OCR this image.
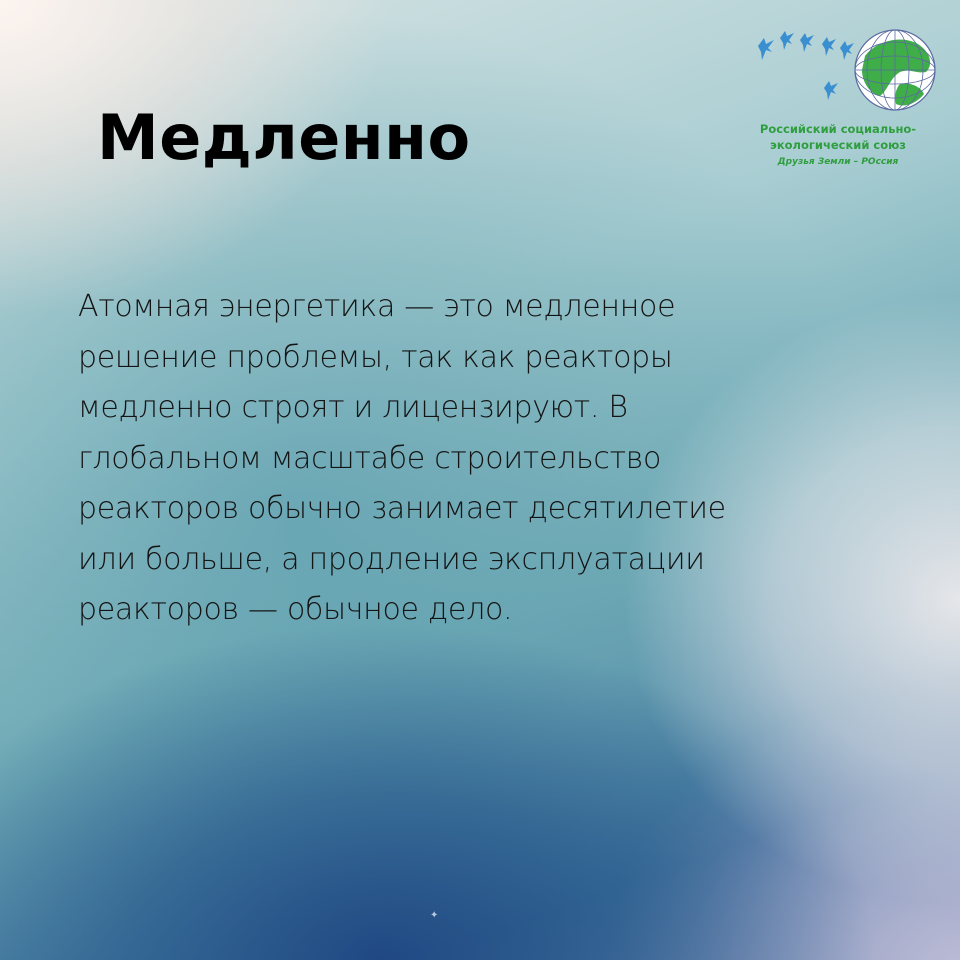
Российский социально-
экологический союз
Друзья Земли – РОссия
Медленно
Атомная энергетика — это медленное
решение проблемы, так как реакторы
медленно строят и лицензируют. В
глобальном масштабе строительство
реакторов обычно занимает десятилетие
или больше, а продление эксплуатации
реакторов — обычное дело.
✦
